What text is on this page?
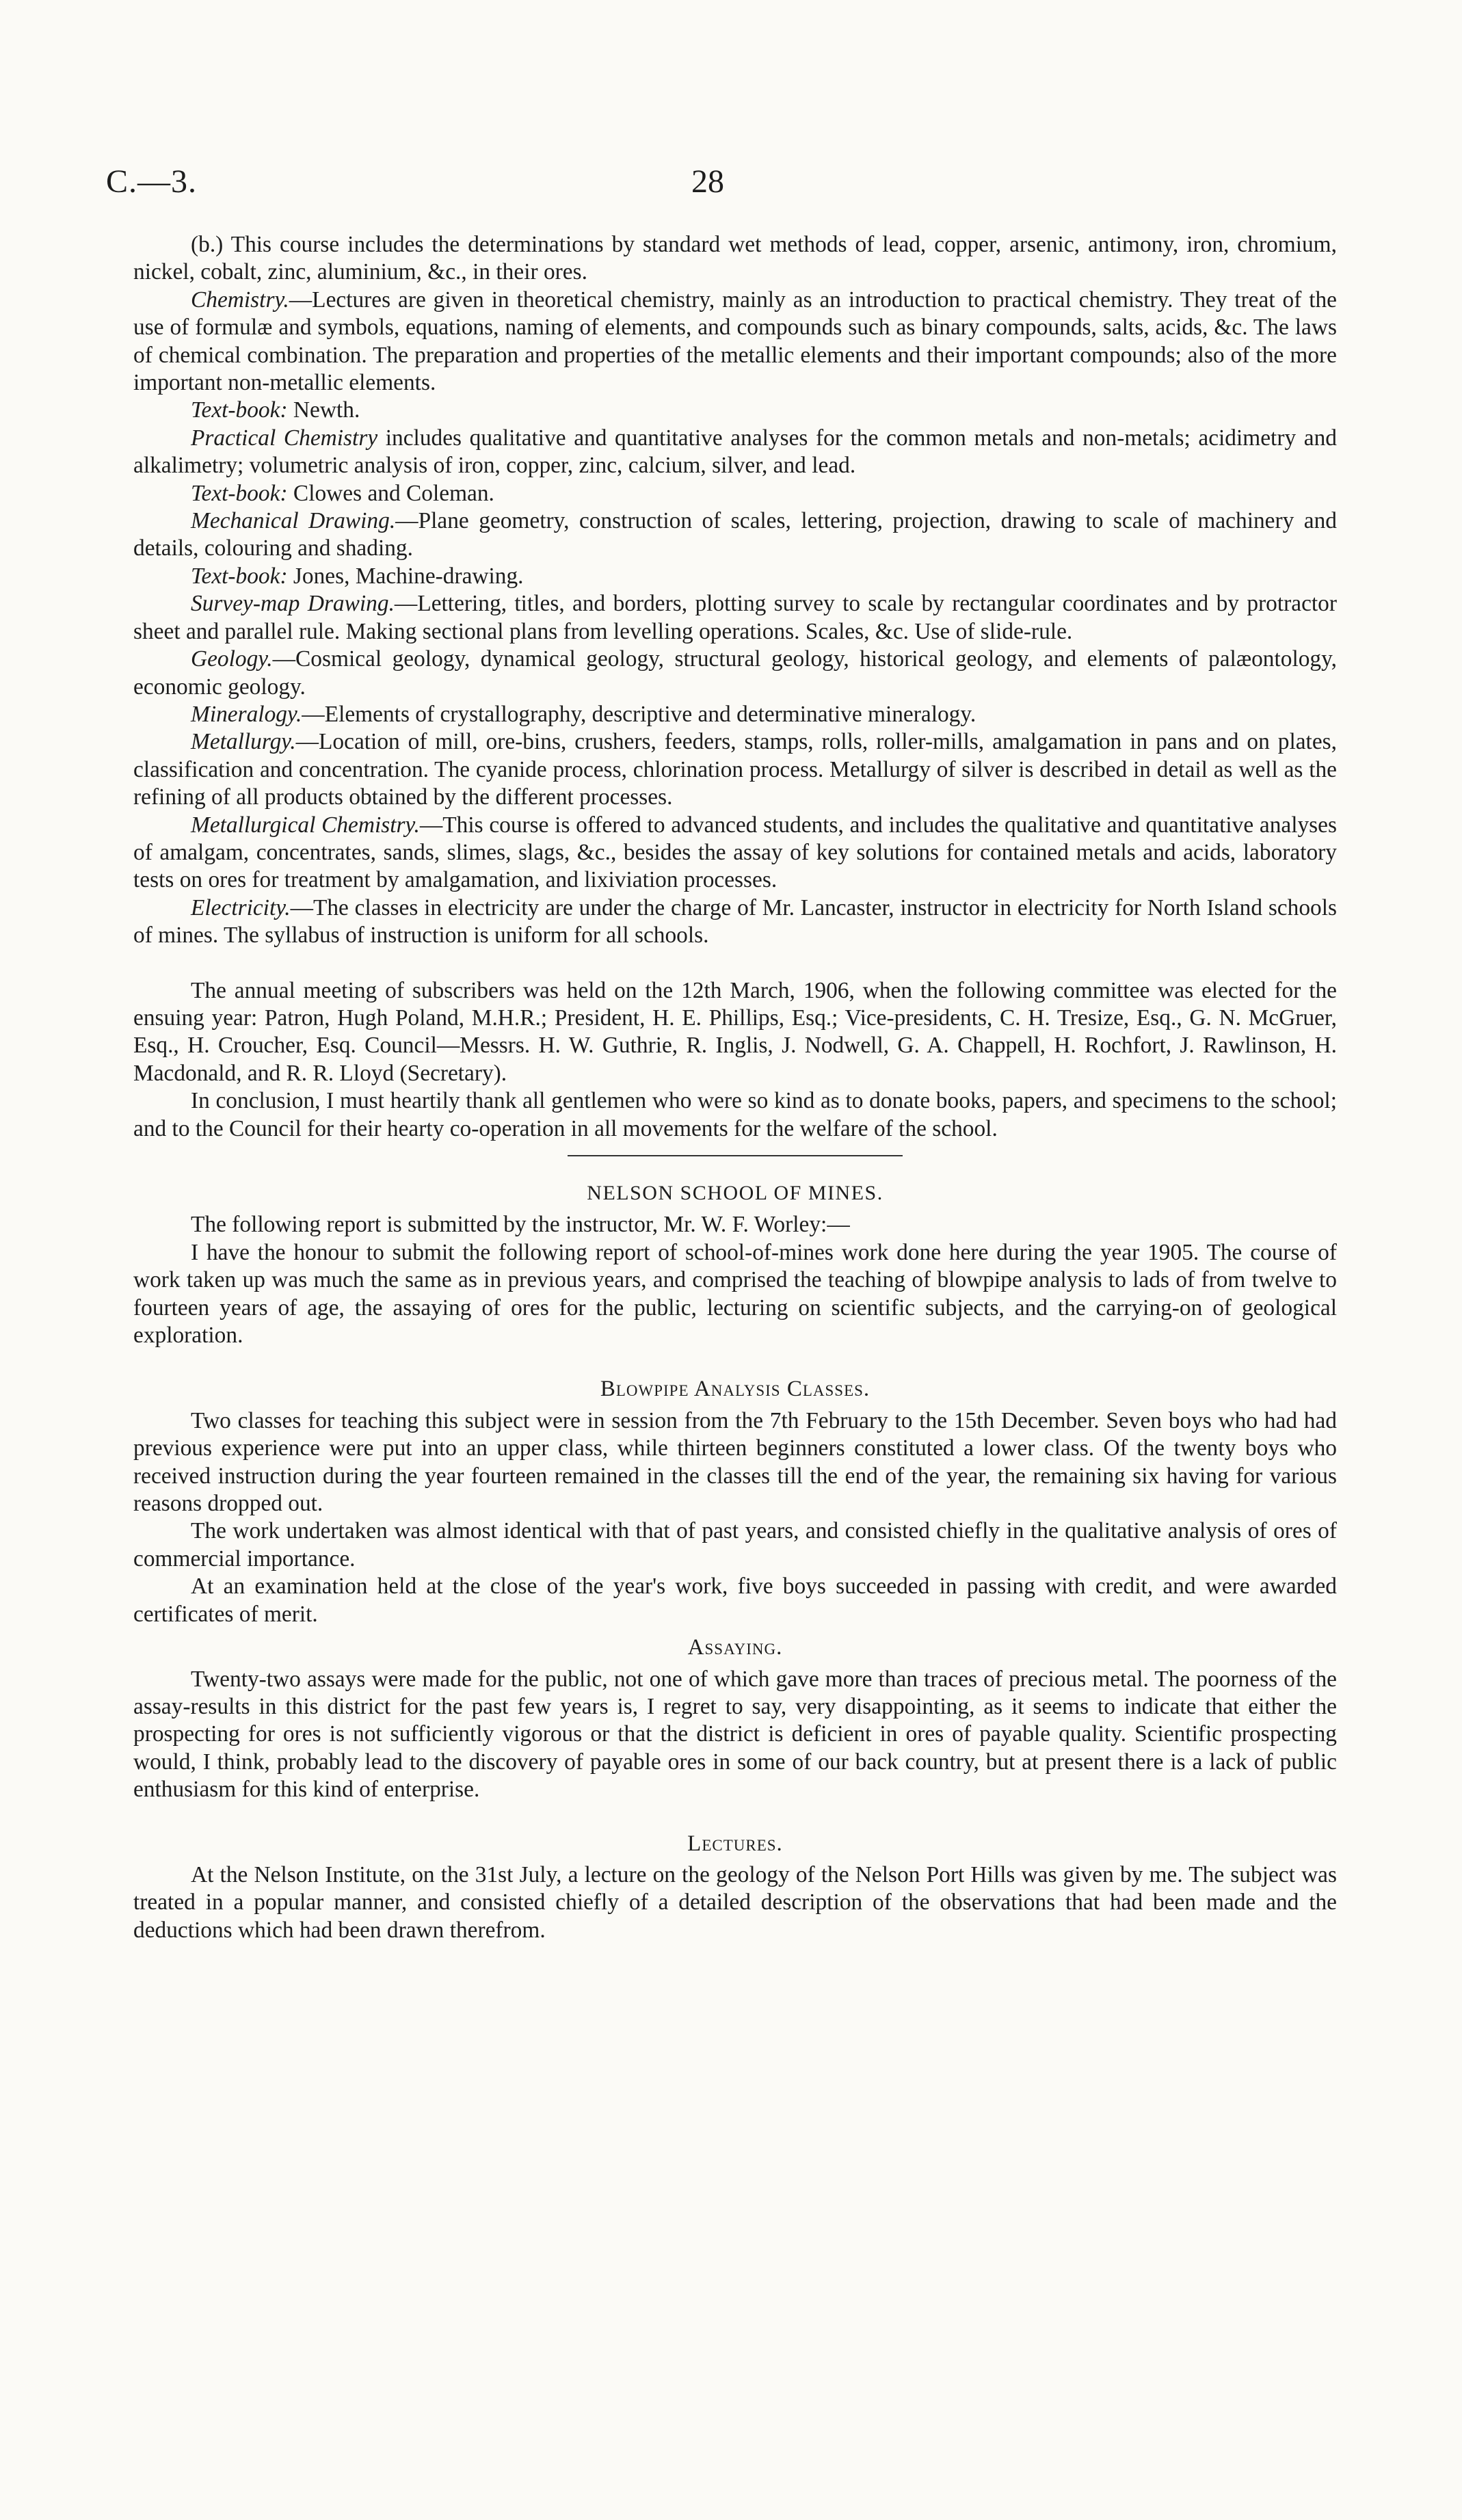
C.—3.	28

(b.) This course includes the determinations by standard wet methods of lead, copper, arsenic, antimony, iron, chromium, nickel, cobalt, zinc, aluminium, &c., in their ores.

Chemistry.—Lectures are given in theoretical chemistry, mainly as an introduction to practical chemistry. They treat of the use of formulæ and symbols, equations, naming of elements, and compounds such as binary compounds, salts, acids, &c. The laws of chemical combination. The preparation and properties of the metallic elements and their important compounds; also of the more important non-metallic elements.

Text-book: Newth.

Practical Chemistry includes qualitative and quantitative analyses for the common metals and non-metals; acidimetry and alkalimetry; volumetric analysis of iron, copper, zinc, calcium, silver, and lead.

Text-book: Clowes and Coleman.

Mechanical Drawing.—Plane geometry, construction of scales, lettering, projection, drawing to scale of machinery and details, colouring and shading.

Text-book: Jones, Machine-drawing.

Survey-map Drawing.—Lettering, titles, and borders, plotting survey to scale by rectangular coordinates and by protractor sheet and parallel rule. Making sectional plans from levelling operations. Scales, &c. Use of slide-rule.

Geology.—Cosmical geology, dynamical geology, structural geology, historical geology, and elements of palæontology, economic geology.

Mineralogy.—Elements of crystallography, descriptive and determinative mineralogy.

Metallurgy.—Location of mill, ore-bins, crushers, feeders, stamps, rolls, roller-mills, amalgamation in pans and on plates, classification and concentration. The cyanide process, chlorination process. Metallurgy of silver is described in detail as well as the refining of all products obtained by the different processes.

Metallurgical Chemistry.—This course is offered to advanced students, and includes the qualitative and quantitative analyses of amalgam, concentrates, sands, slimes, slags, &c., besides the assay of key solutions for contained metals and acids, laboratory tests on ores for treatment by amalgamation, and lixiviation processes.

Electricity.—The classes in electricity are under the charge of Mr. Lancaster, instructor in electricity for North Island schools of mines. The syllabus of instruction is uniform for all schools.

The annual meeting of subscribers was held on the 12th March, 1906, when the following committee was elected for the ensuing year: Patron, Hugh Poland, M.H.R.; President, H. E. Phillips, Esq.; Vice-presidents, C. H. Tresize, Esq., G. N. McGruer, Esq., H. Croucher, Esq. Council—Messrs. H. W. Guthrie, R. Inglis, J. Nodwell, G. A. Chappell, H. Rochfort, J. Rawlinson, H. Macdonald, and R. R. Lloyd (Secretary).

In conclusion, I must heartily thank all gentlemen who were so kind as to donate books, papers, and specimens to the school; and to the Council for their hearty co-operation in all movements for the welfare of the school.

NELSON SCHOOL OF MINES.

The following report is submitted by the instructor, Mr. W. F. Worley:—

I have the honour to submit the following report of school-of-mines work done here during the year 1905. The course of work taken up was much the same as in previous years, and comprised the teaching of blowpipe analysis to lads of from twelve to fourteen years of age, the assaying of ores for the public, lecturing on scientific subjects, and the carrying-on of geological exploration.

Blowpipe Analysis Classes.

Two classes for teaching this subject were in session from the 7th February to the 15th December. Seven boys who had had previous experience were put into an upper class, while thirteen beginners constituted a lower class. Of the twenty boys who received instruction during the year fourteen remained in the classes till the end of the year, the remaining six having for various reasons dropped out.

The work undertaken was almost identical with that of past years, and consisted chiefly in the qualitative analysis of ores of commercial importance.

At an examination held at the close of the year's work, five boys succeeded in passing with credit, and were awarded certificates of merit.

Assaying.

Twenty-two assays were made for the public, not one of which gave more than traces of precious metal. The poorness of the assay-results in this district for the past few years is, I regret to say, very disappointing, as it seems to indicate that either the prospecting for ores is not sufficiently vigorous or that the district is deficient in ores of payable quality. Scientific prospecting would, I think, probably lead to the discovery of payable ores in some of our back country, but at present there is a lack of public enthusiasm for this kind of enterprise.

Lectures.

At the Nelson Institute, on the 31st July, a lecture on the geology of the Nelson Port Hills was given by me. The subject was treated in a popular manner, and consisted chiefly of a detailed description of the observations that had been made and the deductions which had been drawn therefrom.
